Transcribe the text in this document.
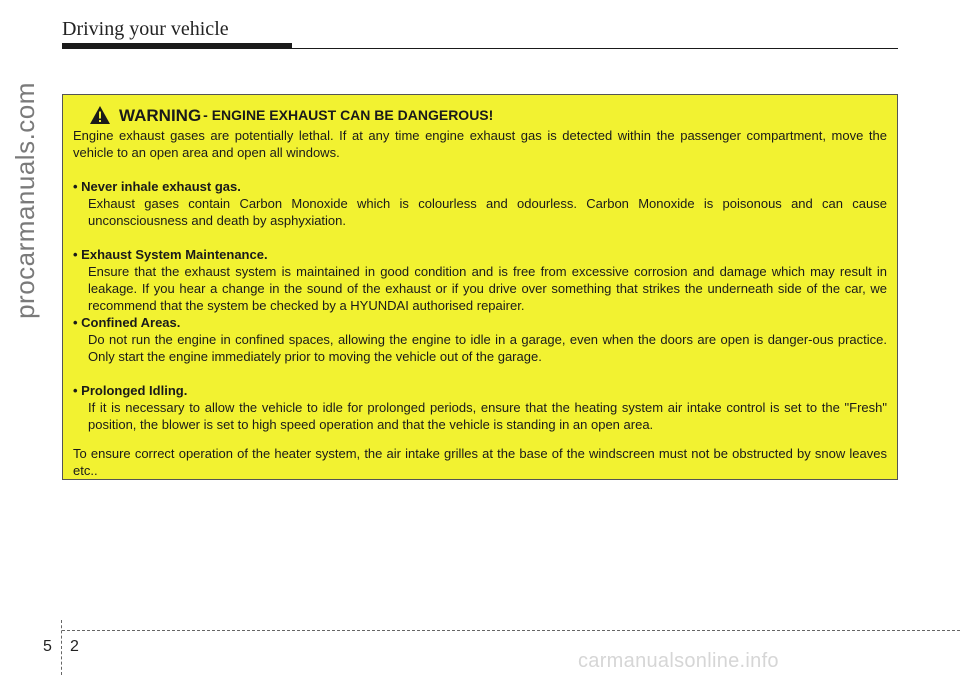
Driving your vehicle
procarmanuals.com	WARNING - ENGINE EXHAUST CAN BE DANGEROUS!

Engine exhaust gases are potentially lethal. If at any time engine exhaust gas is detected within the passenger compartment, move the vehicle to an open area and open all windows.

• Never inhale exhaust gas.

Exhaust gases contain Carbon Monoxide which is colourless and odourless. Carbon Monoxide is poisonous and can cause unconsciousness and death by asphyxiation.

• Exhaust System Maintenance.

Ensure that the exhaust system is maintained in good condition and is free from excessive corrosion and damage which may result in leakage. If you hear a change in the sound of the exhaust or if you drive over something that strikes the underneath side of the car, we recommend that the system be checked by a HYUNDAI authorised repairer.

• Confined Areas.

Do not run the engine in confined spaces, allowing the engine to idle in a garage, even when the doors are open is danger-ous practice. Only start the engine immediately prior to moving the vehicle out of the garage.

• Prolonged Idling.

If it is necessary to allow the vehicle to idle for prolonged periods, ensure that the heating system air intake control is set to the "Fresh" position, the blower is set to high speed operation and that the vehicle is standing in an open area.

To ensure correct operation of the heater system, the air intake grilles at the base of the windscreen must not be obstructed by snow leaves etc..

5 2
carmanualsonline.info
